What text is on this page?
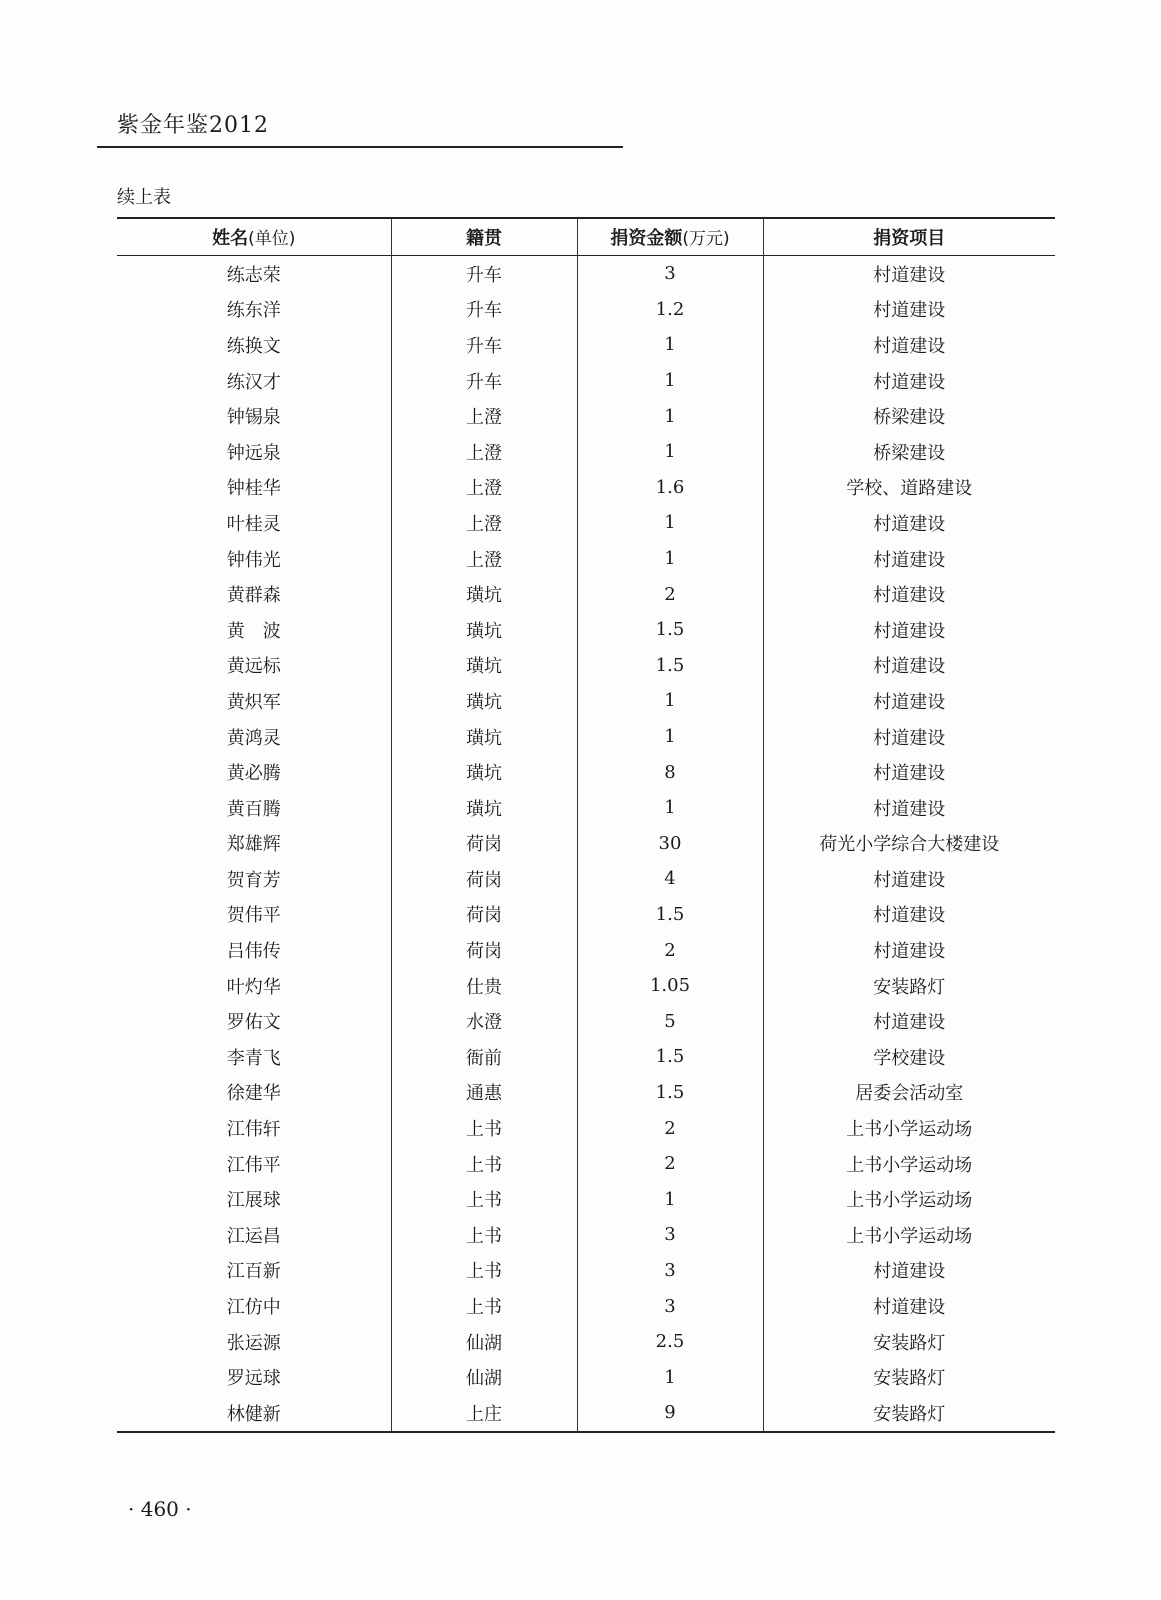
紫金年鉴2012
续上表
姓名(单位)	籍贯	捐资金额(万元)	捐资项目
练志荣	升车	3	村道建设
练东洋	升车	1.2	村道建设
练换文	升车	1	村道建设
练汉才	升车	1	村道建设
钟锡泉	上澄	1	桥梁建设
钟远泉	上澄	1	桥梁建设
钟桂华	上澄	1.6	学校、道路建设
叶桂灵	上澄	1	村道建设
钟伟光	上澄	1	村道建设
黄群森	璜坑	2	村道建设
黄　波	璜坑	1.5	村道建设
黄远标	璜坑	1.5	村道建设
黄炽军	璜坑	1	村道建设
黄鸿灵	璜坑	1	村道建设
黄必腾	璜坑	8	村道建设
黄百腾	璜坑	1	村道建设
郑雄辉	荷岗	30	荷光小学综合大楼建设
贺育芳	荷岗	4	村道建设
贺伟平	荷岗	1.5	村道建设
吕伟传	荷岗	2	村道建设
叶灼华	仕贵	1.05	安装路灯
罗佑文	水澄	5	村道建设
李青飞	衙前	1.5	学校建设
徐建华	通惠	1.5	居委会活动室
江伟轩	上书	2	上书小学运动场
江伟平	上书	2	上书小学运动场
江展球	上书	1	上书小学运动场
江运昌	上书	3	上书小学运动场
江百新	上书	3	村道建设
江仿中	上书	3	村道建设
张运源	仙湖	2.5	安装路灯
罗远球	仙湖	1	安装路灯
林健新	上庄	9	安装路灯
· 460 ·
